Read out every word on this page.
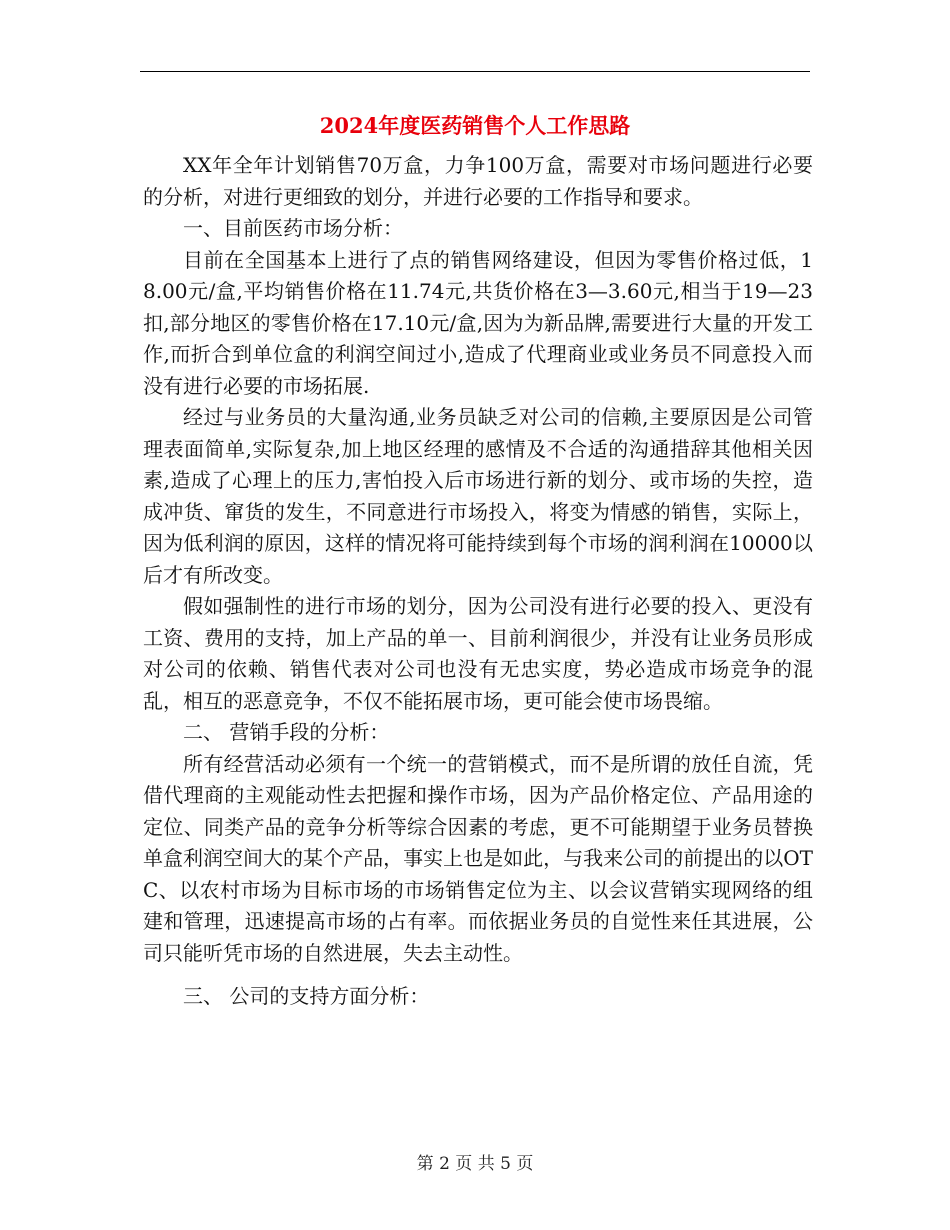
2024年度医药销售个人工作思路

XX年全年计划销售70万盒，力争100万盒，需要对市场问题进行必要的分析，对进行更细致的划分，并进行必要的工作指导和要求。

一、目前医药市场分析：

目前在全国基本上进行了点的销售网络建设，但因为零售价格过低，18.00元/盒,平均销售价格在11.74元,共货价格在3—3.60元,相当于19—23扣,部分地区的零售价格在17.10元/盒,因为为新品牌,需要进行大量的开发工作,而折合到单位盒的利润空间过小,造成了代理商业或业务员不同意投入而没有进行必要的市场拓展.

经过与业务员的大量沟通,业务员缺乏对公司的信赖,主要原因是公司管理表面简单,实际复杂,加上地区经理的感情及不合适的沟通措辞其他相关因素,造成了心理上的压力,害怕投入后市场进行新的划分、或市场的失控，造成冲货、窜货的发生，不同意进行市场投入，将变为情感的销售，实际上，因为低利润的原因，这样的情况将可能持续到每个市场的润利润在10000以后才有所改变。

假如强制性的进行市场的划分，因为公司没有进行必要的投入、更没有工资、费用的支持，加上产品的单一、目前利润很少，并没有让业务员形成对公司的依赖、销售代表对公司也没有无忠实度，势必造成市场竞争的混乱，相互的恶意竞争，不仅不能拓展市场，更可能会使市场畏缩。

二、 营销手段的分析：

所有经营活动必须有一个统一的营销模式，而不是所谓的放任自流，凭借代理商的主观能动性去把握和操作市场，因为产品价格定位、产品用途的定位、同类产品的竞争分析等综合因素的考虑，更不可能期望于业务员替换单盒利润空间大的某个产品，事实上也是如此，与我来公司的前提出的以OTC、以农村市场为目标市场的市场销售定位为主、以会议营销实现网络的组建和管理，迅速提高市场的占有率。而依据业务员的自觉性来任其进展，公司只能听凭市场的自然进展，失去主动性。

三、 公司的支持方面分析：

第 2 页 共 5 页
